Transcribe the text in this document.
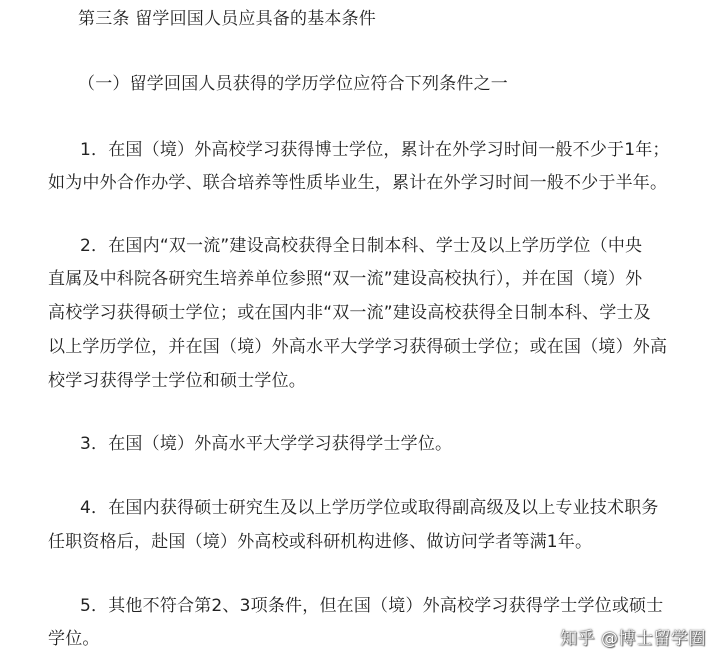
第三条 留学回国人员应具备的基本条件
（一）留学回国人员获得的学历学位应符合下列条件之一
1．在国（境）外高校学习获得博士学位，累计在外学习时间一般不少于1年；
如为中外合作办学、联合培养等性质毕业生，累计在外学习时间一般不少于半年。
2．在国内“双一流”建设高校获得全日制本科、学士及以上学历学位（中央
直属及中科院各研究生培养单位参照“双一流”建设高校执行），并在国（境）外
高校学习获得硕士学位；或在国内非“双一流”建设高校获得全日制本科、学士及
以上学历学位，并在国（境）外高水平大学学习获得硕士学位；或在国（境）外高
校学习获得学士学位和硕士学位。
3．在国（境）外高水平大学学习获得学士学位。
4．在国内获得硕士研究生及以上学历学位或取得副高级及以上专业技术职务
任职资格后，赴国（境）外高校或科研机构进修、做访问学者等满1年。
5．其他不符合第2、3项条件，但在国（境）外高校学习获得学士学位或硕士
学位。	知乎 @博士留学圈
